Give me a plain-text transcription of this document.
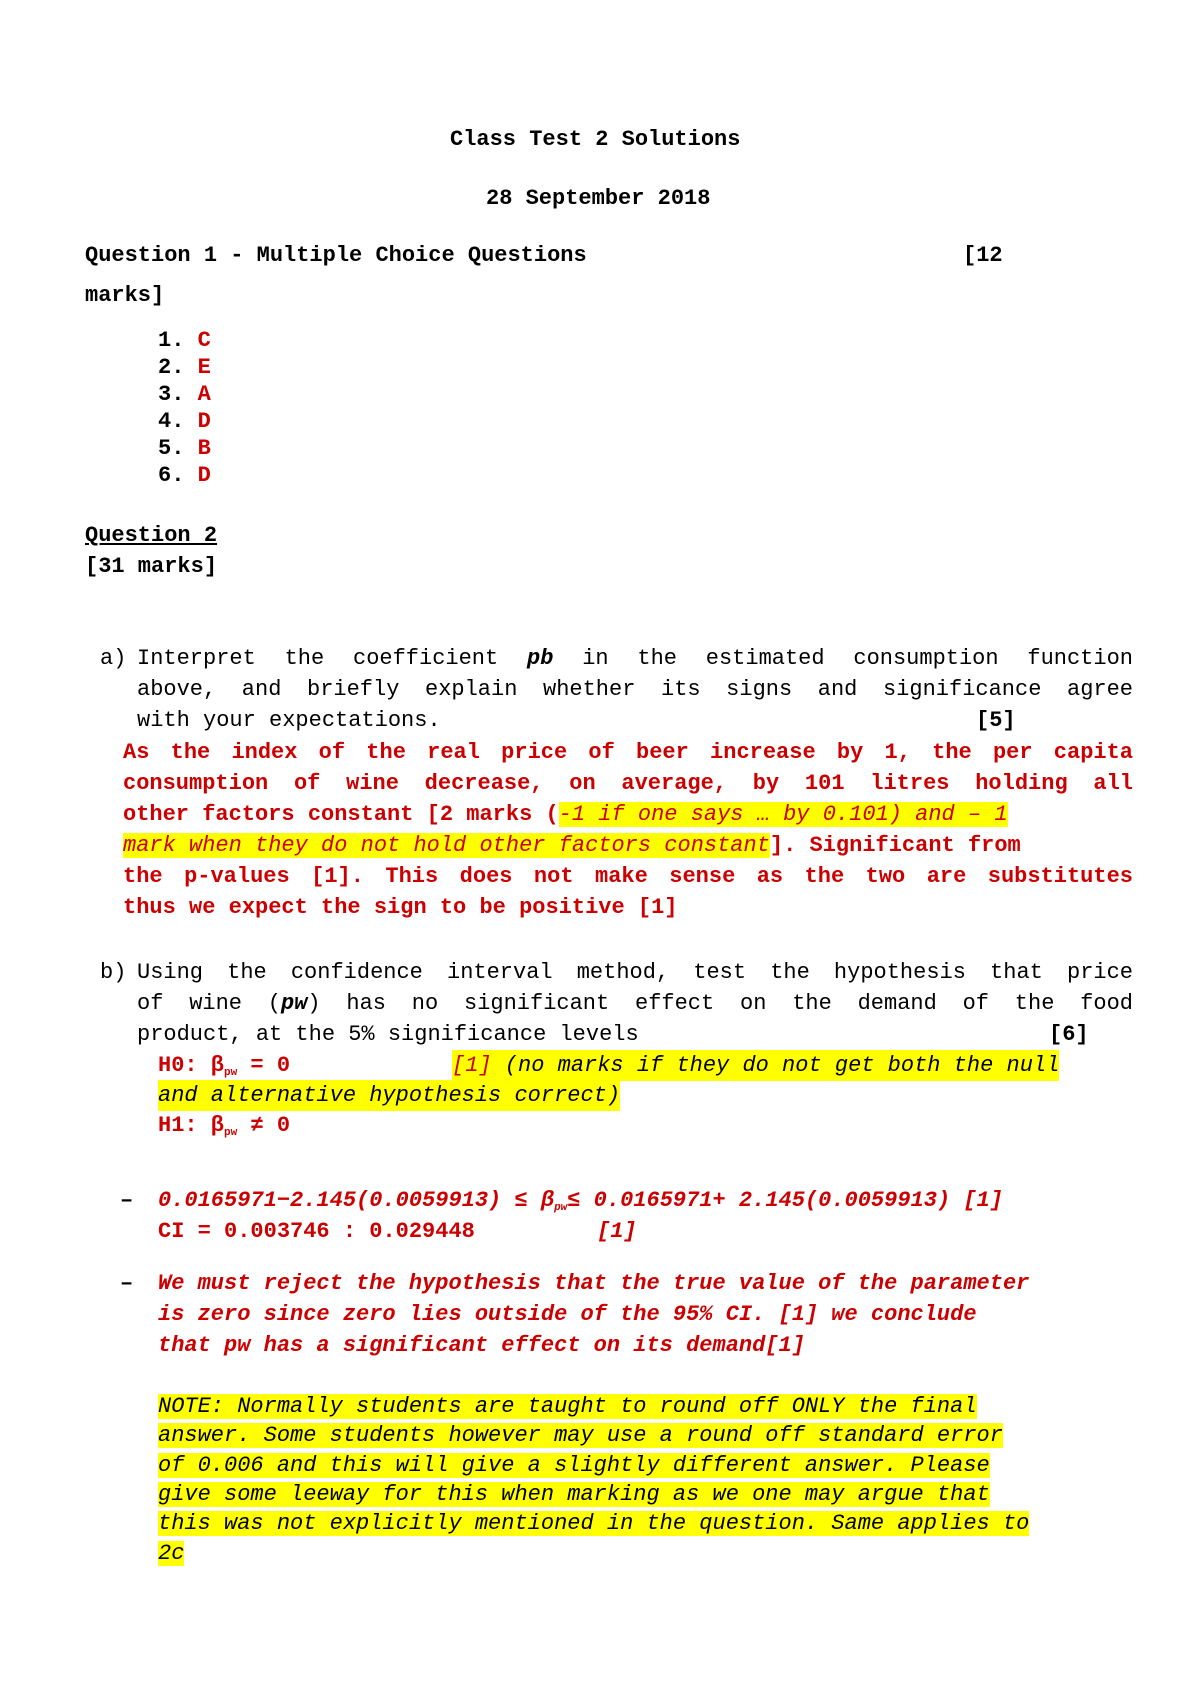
Class Test 2 Solutions
28 September 2018
Question 1 - Multiple Choice Questions	[12
marks]
1. C
2. E
3. A
4. D
5. B
6. D
Question 2
[31 marks]
a) Interpret the coefficient pb in the estimated consumption function
above, and briefly explain whether its signs and significance agree
with your expectations.	[5]
As the index of the real price of beer increase by 1, the per capita
consumption of wine decrease, on average, by 101 litres holding all
other factors constant [2 marks (-1 if one says … by 0.101) and – 1
mark when they do not hold other factors constant]. Significant from
the p-values [1]. This does not make sense as the two are substitutes
thus we expect the sign to be positive [1]
b) Using the confidence interval method, test the hypothesis that price
of wine (pw) has no significant effect on the demand of the food
product, at the 5% significance levels	[6]
H0: $\beta_{pw} = 0$	[1] (no marks if they do not get both the null
and alternative hypothesis correct)
H1: $\beta_{pw} \ne 0$
– $0.0165971-2.145(0.0059913) \le \beta_{pw}\le 0.0165971+ 2.145(0.0059913)$ [1]
CI = 0.003746 : 0.029448	[1]
– We must reject the hypothesis that the true value of the parameter
is zero since zero lies outside of the 95% CI. [1] we conclude
that pw has a significant effect on its demand[1]
NOTE: Normally students are taught to round off ONLY the final
answer. Some students however may use a round off standard error
of 0.006 and this will give a slightly different answer. Please
give some leeway for this when marking as we one may argue that
this was not explicitly mentioned in the question. Same applies to
2c
